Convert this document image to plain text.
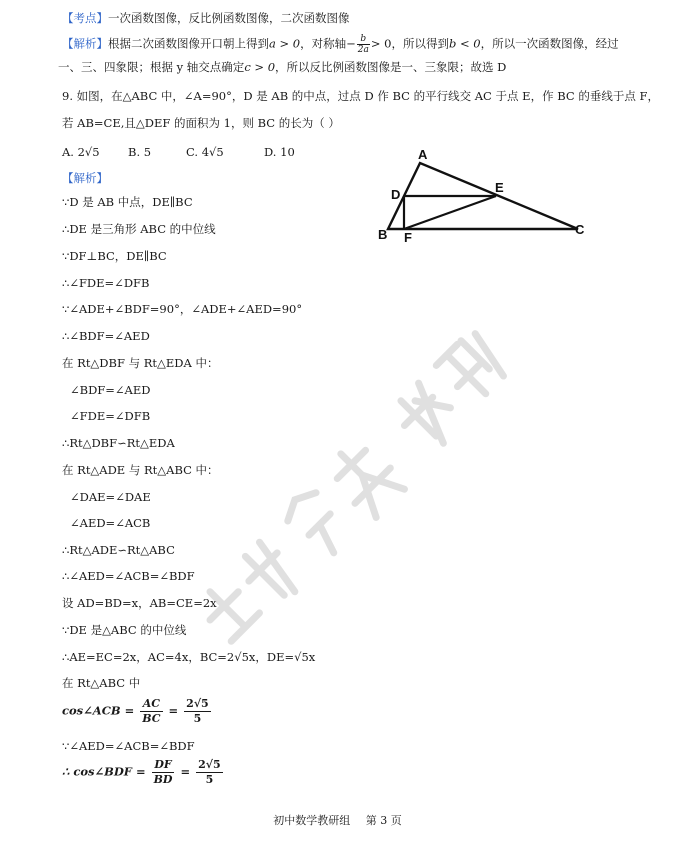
【考点】一次函数图像，反比例函数图像，二次函数图像
【解析】根据二次函数图像开口朝上得到a > 0，对称轴− $\frac{b}{2a} > 0$，所以得到b < 0，所以一次函数图像，经过
一、三、四象限；根据 y 轴交点确定c > 0，所以反比例函数图像是一、三象限；故选 D
9. 如图，在△ABC 中，∠A=90°，D 是 AB 的中点，过点 D 作 BC 的平行线交 AC 于点 E，作 BC 的垂线于点 F，
若 AB=CE,且△DEF 的面积为 1，则 BC 的长为（ ）
A. 2√5 B. 5	C. 4√5	D. 10	A
D	E
B F
C
【解析】
∵D 是 AB 中点，DE∥BC
∴DE 是三角形 ABC 的中位线
∵DF⊥BC，DE∥BC
∴∠FDE=∠DFB
∵∠ADE+∠BDF=90°，∠ADE+∠AED=90°
∴∠BDF=∠AED
在 Rt△DBF 与 Rt△EDA 中：
∠BDF=∠AED
∠FDE=∠DFB
∴Rt△DBF∽Rt△EDA
在 Rt△ADE 与 Rt△ABC 中：
∠DAE=∠DAE
∠AED=∠ACB
∴Rt△ADE∽Rt△ABC
∴∠AED=∠ACB=∠BDF
设 AD=BD=x，AB=CE=2x
∵DE 是△ABC 的中位线
∴AE=EC=2x，AC=4x，BC=2√5x，DE=√5x
在 Rt△ABC 中
cos∠ACB = $\frac{AC}{BC} = \frac{2√5}{5}$
∵∠AED=∠ACB=∠BDF
∴ cos∠BDF = $\frac{DF}{BD} = \frac{2√5}{5}$
初中数学教研组 第 3 页
